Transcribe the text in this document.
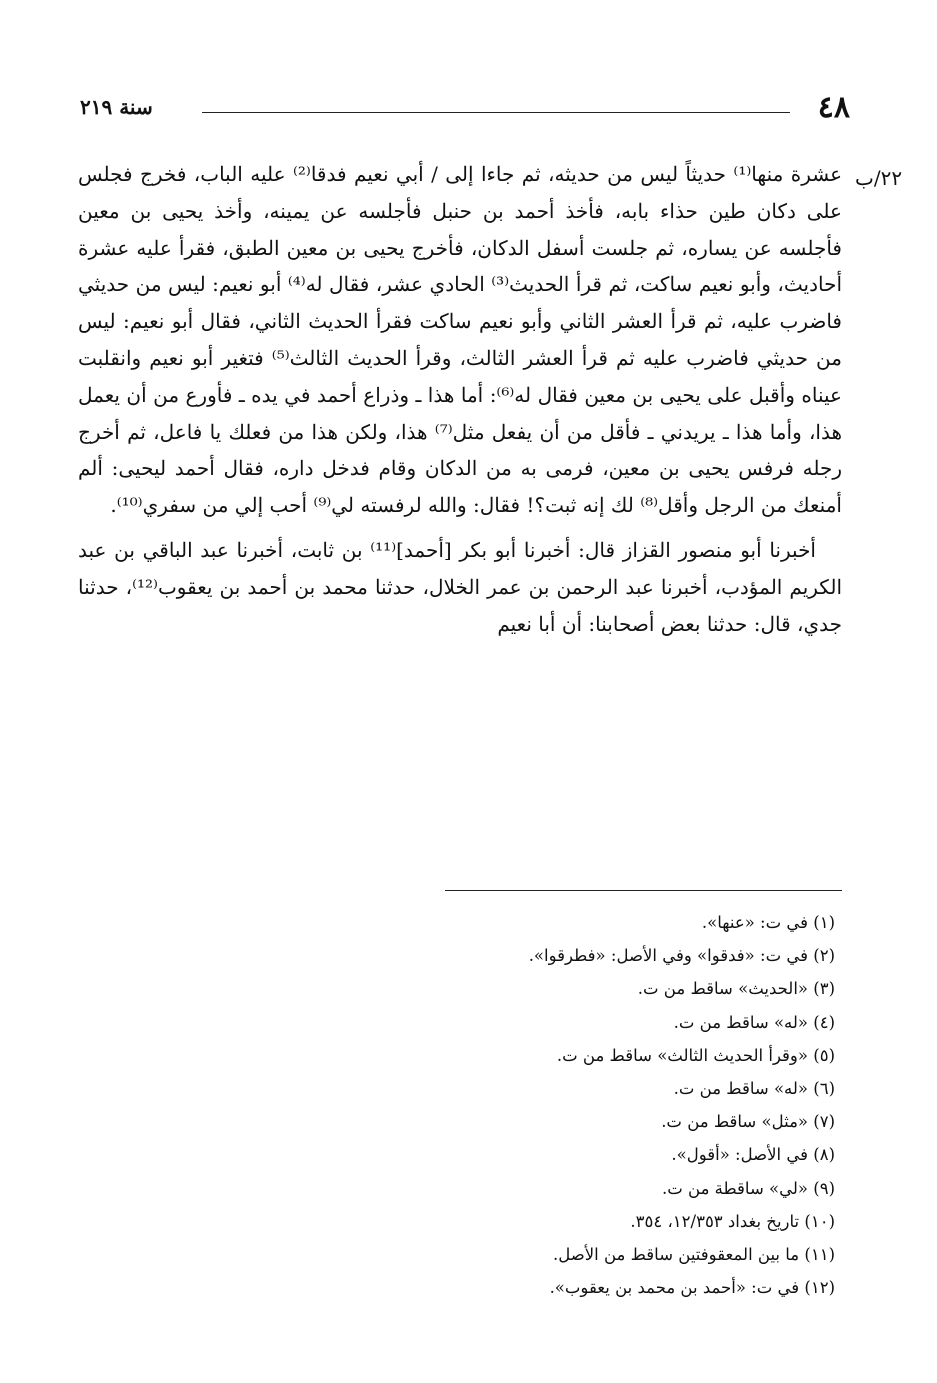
٤٨
سنة ٢١٩

عشرة منها⁽¹⁾ حديثاً ليس من حديثه، ثم جاءا إلى / أبي نعيم فدقا⁽²⁾ عليه الباب، فخرج فجلس على دكان طين حذاء بابه، فأخذ أحمد بن حنبل فأجلسه عن يمينه، وأخذ يحيى بن معين فأجلسه عن يساره، ثم جلست أسفل الدكان، فأخرج يحيى بن معين الطبق، فقرأ عليه عشرة أحاديث، وأبو نعيم ساكت، ثم قرأ الحديث⁽³⁾ الحادي عشر، فقال له⁽⁴⁾ أبو نعيم: ليس من حديثي فاضرب عليه، ثم قرأ العشر الثاني وأبو نعيم ساكت فقرأ الحديث الثاني، فقال أبو نعيم: ليس من حديثي فاضرب عليه ثم قرأ العشر الثالث، وقرأ الحديث الثالث⁽⁵⁾ فتغير أبو نعيم وانقلبت عيناه وأقبل على يحيى بن معين فقال له⁽⁶⁾: أما هذا ـ وذراع أحمد في يده ـ فأورع من أن يعمل هذا، وأما هذا ـ يريدني ـ فأقل من أن يفعل مثل⁽⁷⁾ هذا، ولكن هذا من فعلك يا فاعل، ثم أخرج رجله فرفس يحيى بن معين، فرمى به من الدكان وقام فدخل داره، فقال أحمد ليحيى: ألم أمنعك من الرجل وأقل⁽⁸⁾ لك إنه ثبت؟! فقال: والله لرفسته لي⁽⁹⁾ أحب إلي من سفري⁽¹⁰⁾.

أخبرنا أبو منصور القزاز قال: أخبرنا أبو بكر [أحمد]⁽¹¹⁾ بن ثابت، أخبرنا عبد الباقي بن عبد الكريم المؤدب، أخبرنا عبد الرحمن بن عمر الخلال، حدثنا محمد بن أحمد بن يعقوب⁽¹²⁾، حدثنا جدي، قال: حدثنا بعض أصحابنا: أن أبا نعيم

(١) في ت: «عنها».
(٢) في ت: «فدقوا» وفي الأصل: «فطرقوا».
(٣) «الحديث» ساقط من ت.
(٤) «له» ساقط من ت.
(٥) «وقرأ الحديث الثالث» ساقط من ت.
(٦) «له» ساقط من ت.
(٧) «مثل» ساقط من ت.
(٨) في الأصل: «أقول».
(٩) «لي» ساقطة من ت.
(١٠) تاريخ بغداد ١٢/٣٥٣، ٣٥٤.
(١١) ما بين المعقوفتين ساقط من الأصل.
(١٢) في ت: «أحمد بن محمد بن يعقوب».
٢٢/ب
